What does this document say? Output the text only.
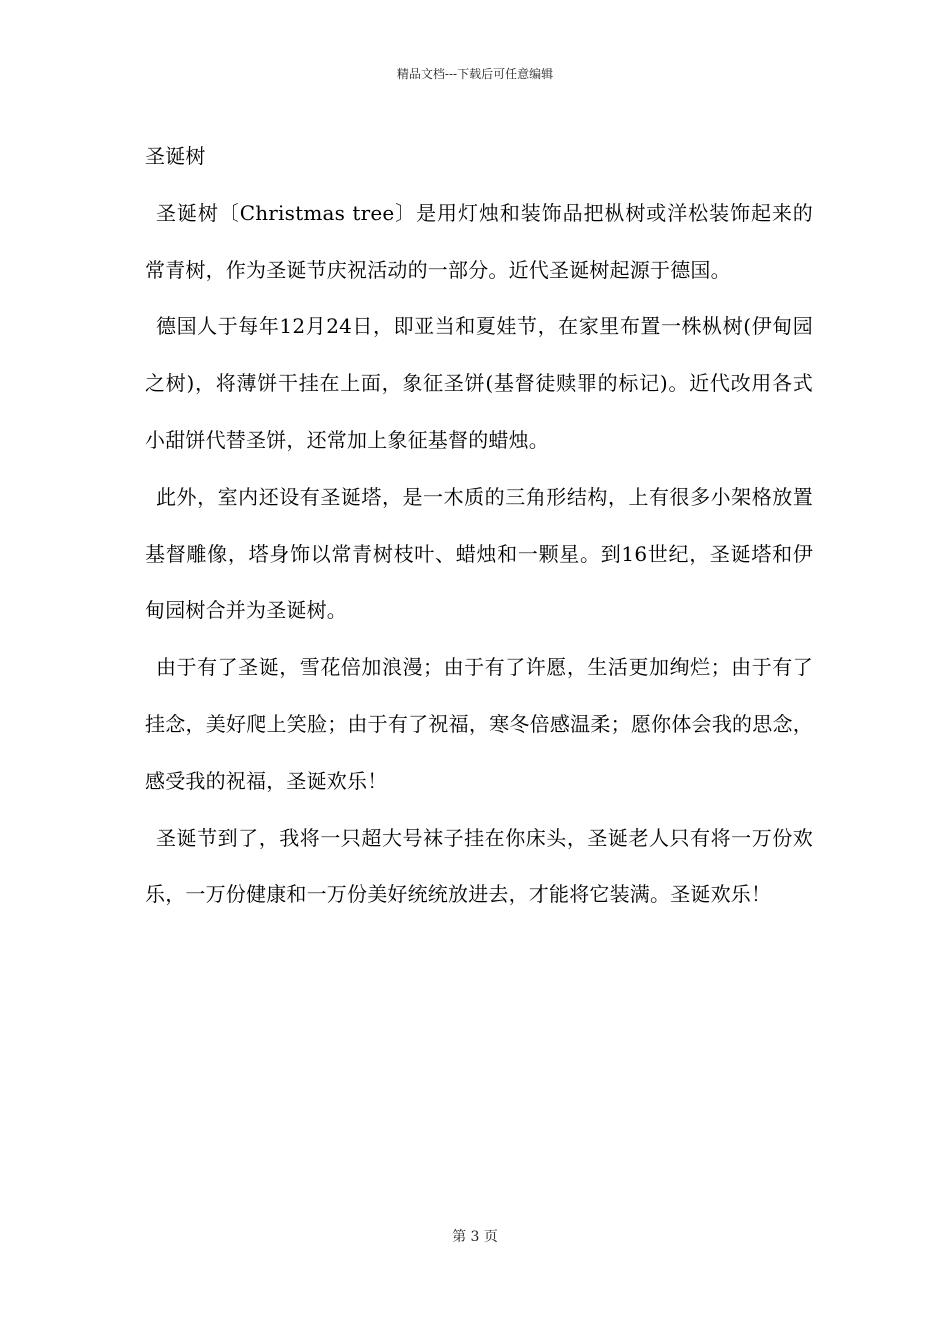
精品文档---下载后可任意编辑

圣诞树

圣诞树〔Christmas tree〕是用灯烛和装饰品把枞树或洋松装饰起来的常青树，作为圣诞节庆祝活动的一部分。近代圣诞树起源于德国。

德国人于每年12月24日，即亚当和夏娃节，在家里布置一株枞树(伊甸园之树)，将薄饼干挂在上面，象征圣饼(基督徒赎罪的标记)。近代改用各式小甜饼代替圣饼，还常加上象征基督的蜡烛。

此外，室内还设有圣诞塔，是一木质的三角形结构，上有很多小架格放置基督雕像，塔身饰以常青树枝叶、蜡烛和一颗星。到16世纪，圣诞塔和伊甸园树合并为圣诞树。

由于有了圣诞，雪花倍加浪漫；由于有了许愿，生活更加绚烂；由于有了挂念，美好爬上笑脸；由于有了祝福，寒冬倍感温柔；愿你体会我的思念，感受我的祝福，圣诞欢乐！

圣诞节到了，我将一只超大号袜子挂在你床头，圣诞老人只有将一万份欢乐，一万份健康和一万份美好统统放进去，才能将它装满。圣诞欢乐！

第 3 页
